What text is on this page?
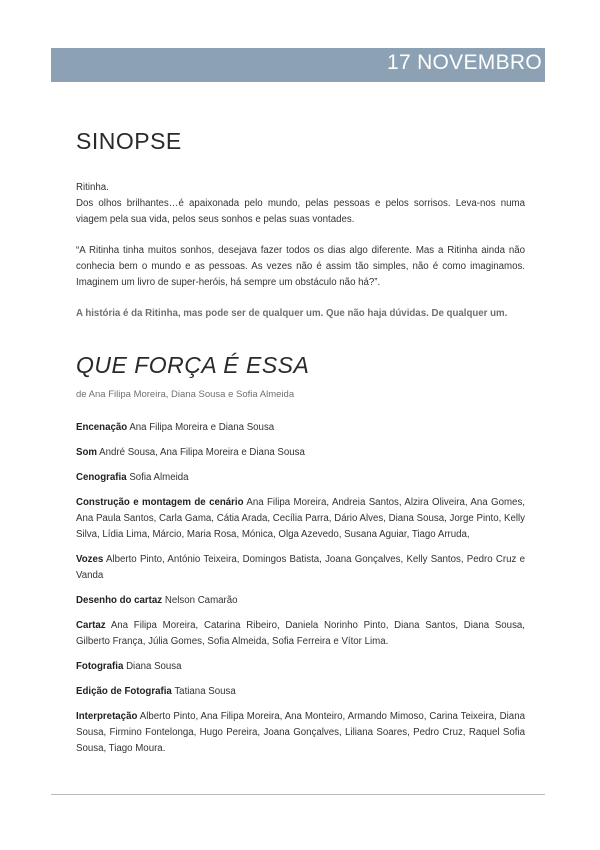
17 NOVEMBRO
SINOPSE

Ritinha.
Dos olhos brilhantes…é apaixonada pelo mundo, pelas pessoas e pelos sorrisos. Leva-nos numa viagem pela sua vida, pelos seus sonhos e pelas suas vontades.

“A Ritinha tinha muitos sonhos, desejava fazer todos os dias algo diferente. Mas a Ritinha ainda não conhecia bem o mundo e as pessoas. As vezes não é assim tão simples, não é como imaginamos. Imaginem um livro de super-heróis, há sempre um obstáculo não há?”.

A história é da Ritinha, mas pode ser de qualquer um. Que não haja dúvidas. De qualquer um.

QUE FORÇA É ESSA
de Ana Filipa Moreira, Diana Sousa e Sofia Almeida

Encenação Ana Filipa Moreira e Diana Sousa

Som André Sousa, Ana Filipa Moreira e Diana Sousa

Cenografia Sofia Almeida

Construção e montagem de cenário Ana Filipa Moreira, Andreia Santos, Alzira Oliveira, Ana Gomes, Ana Paula Santos, Carla Gama, Cátia Arada, Cecília Parra, Dário Alves, Diana Sousa, Jorge Pinto, Kelly Silva, Lídia Lima, Márcio, Maria Rosa, Mónica, Olga Azevedo, Susana Aguiar, Tiago Arruda,

Vozes Alberto Pinto, António Teixeira, Domingos Batista, Joana Gonçalves, Kelly Santos, Pedro Cruz e Vanda

Desenho do cartaz Nelson Camarão

Cartaz Ana Filipa Moreira, Catarina Ribeiro, Daniela Norinho Pinto, Diana Santos, Diana Sousa, Gilberto França, Júlia Gomes, Sofia Almeida, Sofia Ferreira e Vítor Lima.

Fotografia Diana Sousa

Edição de Fotografia Tatiana Sousa

Interpretação Alberto Pinto, Ana Filipa Moreira, Ana Monteiro, Armando Mimoso, Carina Teixeira, Diana Sousa, Firmino Fontelonga, Hugo Pereira, Joana Gonçalves, Liliana Soares, Pedro Cruz, Raquel Sofia Sousa, Tiago Moura.
